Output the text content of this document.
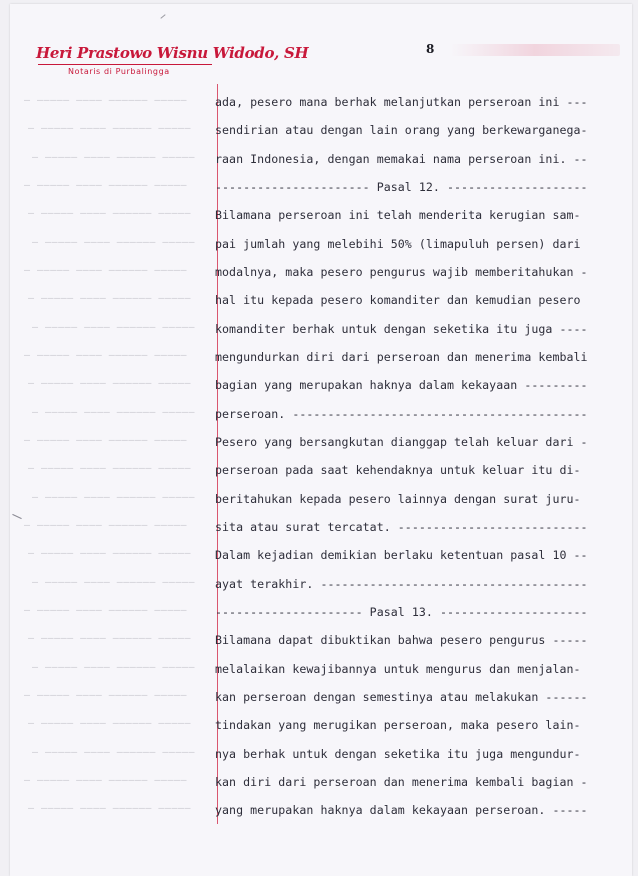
‒ ‒‒‒‒‒ ‒‒‒‒ ‒‒‒‒‒‒ ‒‒‒‒‒
‒ ‒‒‒‒‒ ‒‒‒‒ ‒‒‒‒‒‒ ‒‒‒‒‒
‒ ‒‒‒‒‒ ‒‒‒‒ ‒‒‒‒‒‒ ‒‒‒‒‒
‒ ‒‒‒‒‒ ‒‒‒‒ ‒‒‒‒‒‒ ‒‒‒‒‒
‒ ‒‒‒‒‒ ‒‒‒‒ ‒‒‒‒‒‒ ‒‒‒‒‒
‒ ‒‒‒‒‒ ‒‒‒‒ ‒‒‒‒‒‒ ‒‒‒‒‒
‒ ‒‒‒‒‒ ‒‒‒‒ ‒‒‒‒‒‒ ‒‒‒‒‒
‒ ‒‒‒‒‒ ‒‒‒‒ ‒‒‒‒‒‒ ‒‒‒‒‒
‒ ‒‒‒‒‒ ‒‒‒‒ ‒‒‒‒‒‒ ‒‒‒‒‒
‒ ‒‒‒‒‒ ‒‒‒‒ ‒‒‒‒‒‒ ‒‒‒‒‒
‒ ‒‒‒‒‒ ‒‒‒‒ ‒‒‒‒‒‒ ‒‒‒‒‒
‒ ‒‒‒‒‒ ‒‒‒‒ ‒‒‒‒‒‒ ‒‒‒‒‒
‒ ‒‒‒‒‒ ‒‒‒‒ ‒‒‒‒‒‒ ‒‒‒‒‒
‒ ‒‒‒‒‒ ‒‒‒‒ ‒‒‒‒‒‒ ‒‒‒‒‒
‒ ‒‒‒‒‒ ‒‒‒‒ ‒‒‒‒‒‒ ‒‒‒‒‒
‒ ‒‒‒‒‒ ‒‒‒‒ ‒‒‒‒‒‒ ‒‒‒‒‒
‒ ‒‒‒‒‒ ‒‒‒‒ ‒‒‒‒‒‒ ‒‒‒‒‒
‒ ‒‒‒‒‒ ‒‒‒‒ ‒‒‒‒‒‒ ‒‒‒‒‒
‒ ‒‒‒‒‒ ‒‒‒‒ ‒‒‒‒‒‒ ‒‒‒‒‒
‒ ‒‒‒‒‒ ‒‒‒‒ ‒‒‒‒‒‒ ‒‒‒‒‒
‒ ‒‒‒‒‒ ‒‒‒‒ ‒‒‒‒‒‒ ‒‒‒‒‒
‒ ‒‒‒‒‒ ‒‒‒‒ ‒‒‒‒‒‒ ‒‒‒‒‒
‒ ‒‒‒‒‒ ‒‒‒‒ ‒‒‒‒‒‒ ‒‒‒‒‒
‒ ‒‒‒‒‒ ‒‒‒‒ ‒‒‒‒‒‒ ‒‒‒‒‒
‒ ‒‒‒‒‒ ‒‒‒‒ ‒‒‒‒‒‒ ‒‒‒‒‒
‒ ‒‒‒‒‒ ‒‒‒‒ ‒‒‒‒‒‒ ‒‒‒‒‒
Heri Prastowo Wisnu Widodo, SH
Notaris di Purbalingga
8
ada, pesero mana berhak melanjutkan perseroan ini ---
sendirian atau dengan lain orang yang berkewarganega-
raan Indonesia, dengan memakai nama perseroan ini. --
---------------------- Pasal 12. --------------------
Bilamana perseroan ini telah menderita kerugian sam-
pai jumlah yang melebihi 50% (limapuluh persen) dari
modalnya, maka pesero pengurus wajib memberitahukan -
hal itu kepada pesero komanditer dan kemudian pesero
komanditer berhak untuk dengan seketika itu juga ----
mengundurkan diri dari perseroan dan menerima kembali
bagian yang merupakan haknya dalam kekayaan ---------
perseroan. ------------------------------------------
Pesero yang bersangkutan dianggap telah keluar dari -
perseroan pada saat kehendaknya untuk keluar itu di-
beritahukan kepada pesero lainnya dengan surat juru-
sita atau surat tercatat. ---------------------------
Dalam kejadian demikian berlaku ketentuan pasal 10 --
ayat terakhir. --------------------------------------
--------------------- Pasal 13. ---------------------
Bilamana dapat dibuktikan bahwa pesero pengurus -----
melalaikan kewajibannya untuk mengurus dan menjalan-
kan perseroan dengan semestinya atau melakukan ------
tindakan yang merugikan perseroan, maka pesero lain-
nya berhak untuk dengan seketika itu juga mengundur-
kan diri dari perseroan dan menerima kembali bagian -
yang merupakan haknya dalam kekayaan perseroan. -----
